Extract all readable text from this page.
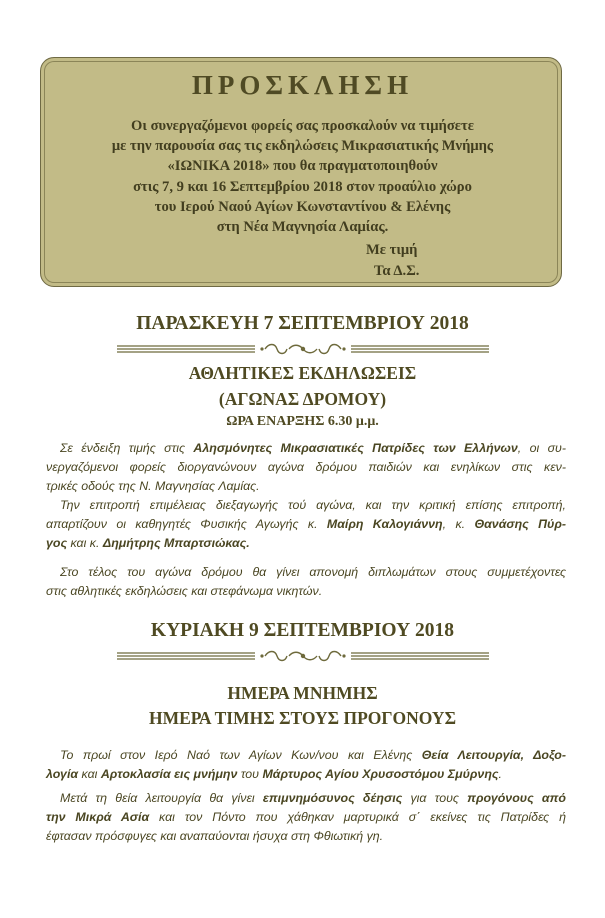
ΠΡΟΣΚΛΗΣΗ
Οι συνεργαζόμενοι φορείς σας προσκαλούν να τιμήσετε
με την παρουσία σας τις εκδηλώσεις Μικρασιατικής Μνήμης
«ΙΩΝΙΚΑ 2018» που θα πραγματοποιηθούν
στις 7, 9 και 16 Σεπτεμβρίου 2018 στον προαύλιο χώρο
του Ιερού Ναού Αγίων Κωνσταντίνου & Ελένης
στη Νέα Μαγνησία Λαμίας.
Με τιμή
Τα Δ.Σ.
ΠΑΡΑΣΚΕΥΗ 7 ΣΕΠΤΕΜΒΡΙΟΥ 2018
ΑΘΛΗΤΙΚΕΣ ΕΚΔΗΛΩΣΕΙΣ
(ΑΓΩΝΑΣ ΔΡΟΜΟΥ)
ΩΡΑ ΕΝΑΡΞΗΣ 6.30 μ.μ.
Σε ένδειξη τιμής στις Αλησμόνητες Μικρασιατικές Πατρίδες των Ελλήνων, οι συ-
νεργαζόμενοι φορείς διοργανώνουν αγώνα δρόμου παιδιών και ενηλίκων στις κεν-
τρικές οδούς της Ν. Μαγνησίας Λαμίας.
Την επιτροπή επιμέλειας διεξαγωγής τού αγώνα, και την κριτική επίσης επιτροπή,
απαρτίζουν οι καθηγητές Φυσικής Αγωγής κ. Μαίρη Καλογιάννη, κ. Θανάσης Πύρ-
γος και κ. Δημήτρης Μπαρτσιώκας.
Στο τέλος του αγώνα δρόμου θα γίνει απονομή διπλωμάτων στους συμμετέχοντες
στις αθλητικές εκδηλώσεις και στεφάνωμα νικητών.
ΚΥΡΙΑΚΗ 9 ΣΕΠΤΕΜΒΡΙΟΥ 2018
ΗΜΕΡΑ ΜΝΗΜΗΣ
ΗΜΕΡΑ ΤΙΜΗΣ ΣΤΟΥΣ ΠΡΟΓΟΝΟΥΣ
Το πρωί στον Ιερό Ναό των Αγίων Κων/νου και Ελένης Θεία Λειτουργία, Δοξο-
λογία και Αρτοκλασία εις μνήμην του Μάρτυρος Αγίου Χρυσοστόμου Σμύρνης.
Μετά τη θεία λειτουργία θα γίνει επιμνημόσυνος δέησις για τους προγόνους από
την Μικρά Ασία και τον Πόντο που χάθηκαν μαρτυρικά σ΄ εκείνες τις Πατρίδες ή
έφτασαν πρόσφυγες και αναπαύονται ήσυχα στη Φθιωτική γη.
